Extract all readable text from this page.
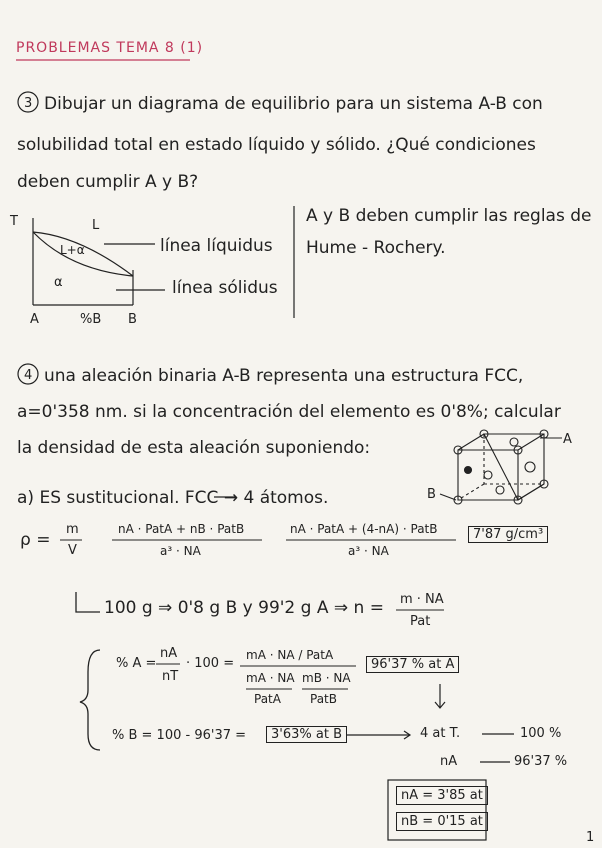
PROBLEMAS TEMA 8 (1)
Dibujar un diagrama de equilibrio para un sistema A-B con
solubilidad total en estado líquido y sólido. ¿Qué condiciones
deben cumplir A y B?
T	L
L+α
α
A	%B B
línea líquidus
línea sólidus
A y B deben cumplir las reglas de
Hume - Rochery.
una aleación binaria A-B representa una estructura FCC,
a=0'358 nm. si la concentración del elemento es 0'8%; calcular
la densidad de esta aleación suponiendo:
a) ES sustitucional. FCC → 4 átomos.
A
B
ρ =
m
V
nA · PatA + nB · PatB
a³ · NA
nA · PatA + (4-nA) · PatB
a³ · NA
7'87 g/cm³
100 g ⇒ 0'8 g B y 99'2 g A ⇒ n = m · NA
Pat
% A =
nA
nT
· 100 =
mA · NA / PatA
mA · NA
PatA
mB · NA
PatB
96'37 % at A
% B = 100 - 96'37 =	3'63% at B	4 at T.	100 %
nA	96'37 %
nA = 3'85 at
nB = 0'15 at
1
3
4
